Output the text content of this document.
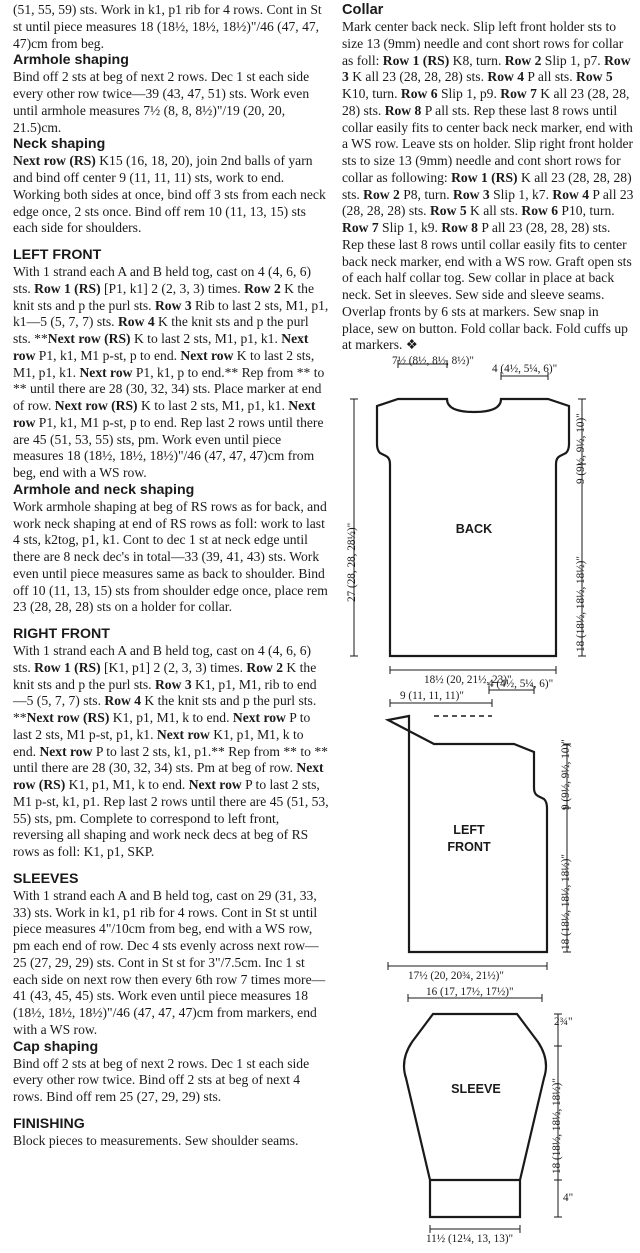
(51, 55, 59) sts. Work in k1, p1 rib for 4 rows. Cont in St st until piece measures 18 (18½, 18½, 18½)"/46 (47, 47, 47)cm from beg.

Armhole shaping

Bind off 2 sts at beg of next 2 rows. Dec 1 st each side every other row twice—39 (43, 47, 51) sts. Work even until armhole measures 7½ (8, 8, 8½)"/19 (20, 20, 21.5)cm.

Neck shaping

Next row (RS) K15 (16, 18, 20), join 2nd balls of yarn and bind off center 9 (11, 11, 11) sts, work to end. Working both sides at once, bind off 3 sts from each neck edge once, 2 sts once. Bind off rem 10 (11, 13, 15) sts each side for shoulders.

LEFT FRONT

With 1 strand each A and B held tog, cast on 4 (4, 6, 6) sts. Row 1 (RS) [P1, k1] 2 (2, 3, 3) times. Row 2 K the knit sts and p the purl sts. Row 3 Rib to last 2 sts, M1, p1, k1—5 (5, 7, 7) sts. Row 4 K the knit sts and p the purl sts. **Next row (RS) K to last 2 sts, M1, p1, k1. Next row P1, k1, M1 p-st, p to end. Next row K to last 2 sts, M1, p1, k1. Next row P1, k1, p to end.** Rep from ** to ** until there are 28 (30, 32, 34) sts. Place marker at end of row. Next row (RS) K to last 2 sts, M1, p1, k1. Next row P1, k1, M1 p-st, p to end. Rep last 2 rows until there are 45 (51, 53, 55) sts, pm. Work even until piece measures 18 (18½, 18½, 18½)"/46 (47, 47, 47)cm from beg, end with a WS row.

Armhole and neck shaping

Work armhole shaping at beg of RS rows as for back, and work neck shaping at end of RS rows as foll: work to last 4 sts, k2tog, p1, k1. Cont to dec 1 st at neck edge until there are 8 neck dec's in total—33 (39, 41, 43) sts. Work even until piece measures same as back to shoulder. Bind off 10 (11, 13, 15) sts from shoulder edge once, place rem 23 (28, 28, 28) sts on a holder for collar.

RIGHT FRONT

With 1 strand each A and B held tog, cast on 4 (4, 6, 6) sts. Row 1 (RS) [K1, p1] 2 (2, 3, 3) times. Row 2 K the knit sts and p the purl sts. Row 3 K1, p1, M1, rib to end—5 (5, 7, 7) sts. Row 4 K the knit sts and p the purl sts. **Next row (RS) K1, p1, M1, k to end. Next row P to last 2 sts, M1 p-st, p1, k1. Next row K1, p1, M1, k to end. Next row P to last 2 sts, k1, p1.** Rep from ** to ** until there are 28 (30, 32, 34) sts. Pm at beg of row. Next row (RS) K1, p1, M1, k to end. Next row P to last 2 sts, M1 p-st, k1, p1. Rep last 2 rows until there are 45 (51, 53, 55) sts, pm. Complete to correspond to left front, reversing all shaping and work neck decs at beg of RS rows as foll: K1, p1, SKP.

SLEEVES

With 1 strand each A and B held tog, cast on 29 (31, 33, 33) sts. Work in k1, p1 rib for 4 rows. Cont in St st until piece measures 4"/10cm from beg, end with a WS row, pm each end of row. Dec 4 sts evenly across next row—25 (27, 29, 29) sts. Cont in St st for 3"/7.5cm. Inc 1 st each side on next row then every 6th row 7 times more—41 (43, 45, 45) sts. Work even until piece measures 18 (18½, 18½, 18½)"/46 (47, 47, 47)cm from markers, end with a WS row.

Cap shaping

Bind off 2 sts at beg of next 2 rows. Dec 1 st each side every other row twice. Bind off 2 sts at beg of next 4 rows. Bind off rem 25 (27, 29, 29) sts.

FINISHING

Block pieces to measurements. Sew shoulder seams.

Collar

Mark center back neck. Slip left front holder sts to size 13 (9mm) needle and cont short rows for collar as foll: Row 1 (RS) K8, turn. Row 2 Slip 1, p7. Row 3 K all 23 (28, 28, 28) sts. Row 4 P all sts. Row 5 K10, turn. Row 6 Slip 1, p9. Row 7 K all 23 (28, 28, 28) sts. Row 8 P all sts. Rep these last 8 rows until collar easily fits to center back neck marker, end with a WS row. Leave sts on holder. Slip right front holder sts to size 13 (9mm) needle and cont short rows for collar as following: Row 1 (RS) K all 23 (28, 28, 28) sts. Row 2 P8, turn. Row 3 Slip 1, k7. Row 4 P all 23 (28, 28, 28) sts. Row 5 K all sts. Row 6 P10, turn. Row 7 Slip 1, k9. Row 8 P all 23 (28, 28, 28) sts. Rep these last 8 rows until collar easily fits to center back neck marker, end with a WS row. Graft open sts of each half collar tog. Sew collar in place at back neck. Set in sleeves. Sew side and sleeve seams. Overlap fronts by 6 sts at markers. Sew snap in place, sew on button. Fold collar back. Fold cuffs up at markers. ❖

7½ (8½, 8½, 8½)"
4 (4½, 5¼, 6)"
27 (28, 28, 28½)"
9 (9½, 9½, 10)"
18 (18½, 18½, 18½)"
18½ (20, 21½, 23)"
BACK
4 (4½, 5¼, 6)"
9 (11, 11, 11)"
9 (9½, 9½, 10)"
18 (18½, 18½, 18½)"
17½ (20, 20¾, 21½)"
LEFT
FRONT
16 (17, 17½, 17½)"
2¾"
18 (18½, 18½, 18½)"
4"
11½ (12¼, 13, 13)"
SLEEVE
